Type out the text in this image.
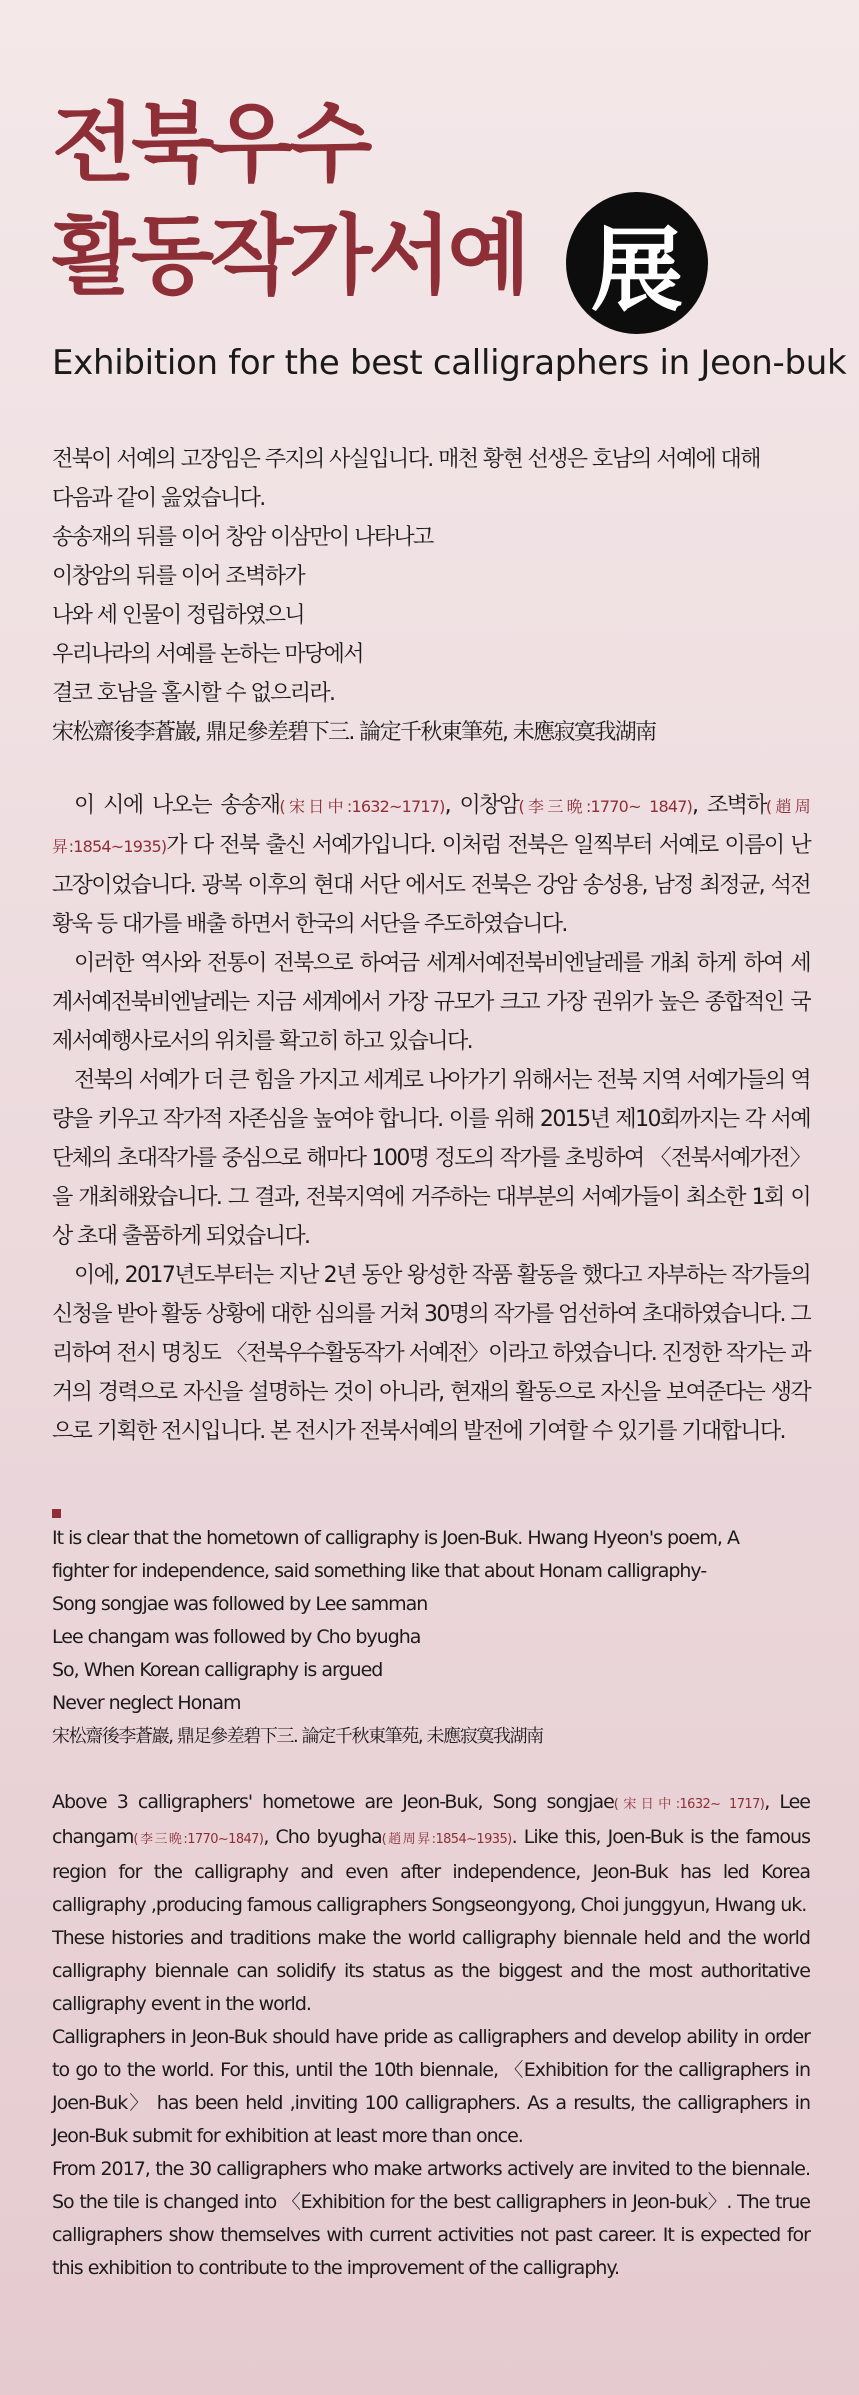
전북우수
활동작가서예 展
Exhibition for the best calligraphers in Jeon-buk

전북이 서예의 고장임은 주지의 사실입니다. 매천 황현 선생은 호남의 서예에 대해

다음과 같이 읊었습니다.

송송재의 뒤를 이어 창암 이삼만이 나타나고

이창암의 뒤를 이어 조벽하가

나와 세 인물이 정립하였으니

우리나라의 서예를 논하는 마당에서

결코 호남을 홀시할 수 없으리라.

宋松齋後李蒼巖, 鼎足參差碧下三. 論定千秋東筆苑, 未應寂寞我湖南

이 시에 나오는 송송재(宋日中:1632~1717), 이창암(李三晩:1770~ 1847), 조벽하(趙周昇:1854~1935)가 다 전북 출신 서예가입니다. 이처럼 전북은 일찍부터 서예로 이름이 난 고장이었습니다. 광복 이후의 현대 서단 에서도 전북은 강암 송성용, 남정 최정균, 석전 황욱 등 대가를 배출 하면서 한국의 서단을 주도하였습니다.

이러한 역사와 전통이 전북으로 하여금 세계서예전북비엔날레를 개최 하게 하여 세계서예전북비엔날레는 지금 세계에서 가장 규모가 크고 가장 권위가 높은 종합적인 국제서예행사로서의 위치를 확고히 하고 있습니다.

전북의 서예가 더 큰 힘을 가지고 세계로 나아가기 위해서는 전북 지역 서예가들의 역량을 키우고 작가적 자존심을 높여야 합니다. 이를 위해 2015년 제10회까지는 각 서예단체의 초대작가를 중심으로 해마다 100명 정도의 작가를 초빙하여 〈전북서예가전〉을 개최해왔습니다. 그 결과, 전북지역에 거주하는 대부분의 서예가들이 최소한 1회 이상 초대 출품하게 되었습니다.

이에, 2017년도부터는 지난 2년 동안 왕성한 작품 활동을 했다고 자부하는 작가들의 신청을 받아 활동 상황에 대한 심의를 거쳐 30명의 작가를 엄선하여 초대하였습니다. 그리하여 전시 명칭도 〈전북우수활동작가 서예전〉이라고 하였습니다. 진정한 작가는 과거의 경력으로 자신을 설명하는 것이 아니라, 현재의 활동으로 자신을 보여준다는 생각으로 기획한 전시입니다. 본 전시가 전북서예의 발전에 기여할 수 있기를 기대합니다.

It is clear that the hometown of calligraphy is Joen-Buk. Hwang Hyeon's poem, A

fighter for independence, said something like that about Honam calligraphy-

Song songjae was followed by Lee samman

Lee changam was followed by Cho byugha

So, When Korean calligraphy is argued

Never neglect Honam

宋松齋後李蒼巖, 鼎足參差碧下三. 論定千秋東筆苑, 未應寂寞我湖南

Above 3 calligraphers' hometowe are Jeon-Buk, Song songjae(宋日中:1632~ 1717), Lee changam(李三晩:1770~1847), Cho byugha(趙周昇:1854~1935). Like this, Joen-Buk is the famous region for the calligraphy and even after independence, Jeon-Buk has led Korea calligraphy ,producing famous calligraphers Songseongyong, Choi junggyun, Hwang uk.

These histories and traditions make the world calligraphy biennale held and the world calligraphy biennale can solidify its status as the biggest and the most authoritative calligraphy event in the world.

Calligraphers in Jeon-Buk should have pride as calligraphers and develop ability in order to go to the world. For this, until the 10th biennale, 〈Exhibition for the calligraphers in Joen-Buk〉 has been held ,inviting 100 calligraphers. As a results, the calligraphers in Jeon-Buk submit for exhibition at least more than once.

From 2017, the 30 calligraphers who make artworks actively are invited to the biennale. So the tile is changed into 〈Exhibition for the best calligraphers in Jeon-buk〉. The true calligraphers show themselves with current activities not past career. It is expected for this exhibition to contribute to the improvement of the calligraphy.
